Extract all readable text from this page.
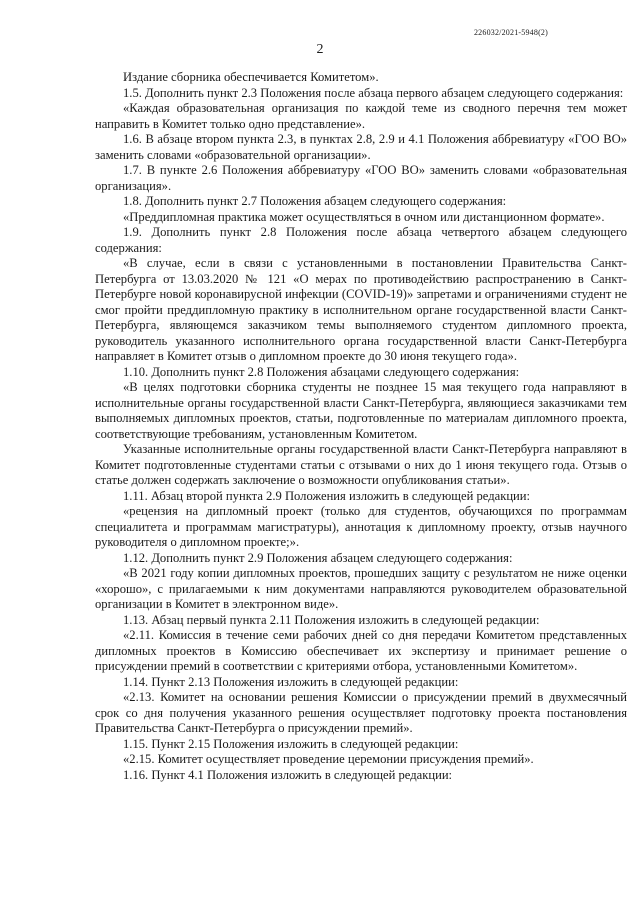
226032/2021-5948(2)
2

Издание сборника обеспечивается Комитетом».

1.5. Дополнить пункт 2.3 Положения после абзаца первого абзацем следующего содержания:

«Каждая образовательная организация по каждой теме из сводного перечня тем может направить в Комитет только одно представление».

1.6. В абзаце втором пункта 2.3, в пунктах 2.8, 2.9 и 4.1 Положения аббревиатуру «ГОО ВО» заменить словами «образовательной организации».

1.7. В пункте 2.6 Положения аббревиатуру «ГОО ВО» заменить словами «образовательная организация».

1.8. Дополнить пункт 2.7 Положения абзацем следующего содержания:

«Преддипломная практика может осуществляться в очном или дистанционном формате».

1.9. Дополнить пункт 2.8 Положения после абзаца четвертого абзацем следующего содержания:

«В случае, если в связи с установленными в постановлении Правительства Санкт-Петербурга от 13.03.2020 № 121 «О мерах по противодействию распространению в Санкт-Петербурге новой коронавирусной инфекции (COVID-19)» запретами и ограничениями студент не смог пройти преддипломную практику в исполнительном органе государственной власти Санкт-Петербурга, являющемся заказчиком темы выполняемого студентом дипломного проекта, руководитель указанного исполнительного органа государственной власти Санкт-Петербурга направляет в Комитет отзыв о дипломном проекте до 30 июня текущего года».

1.10. Дополнить пункт 2.8 Положения абзацами следующего содержания:

«В целях подготовки сборника студенты не позднее 15 мая текущего года направляют в исполнительные органы государственной власти Санкт-Петербурга, являющиеся заказчиками тем выполняемых дипломных проектов, статьи, подготовленные по материалам дипломного проекта, соответствующие требованиям, установленным Комитетом.

Указанные исполнительные органы государственной власти Санкт-Петербурга направляют в Комитет подготовленные студентами статьи с отзывами о них до 1 июня текущего года. Отзыв о статье должен содержать заключение о возможности опубликования статьи».

1.11. Абзац второй пункта 2.9 Положения изложить в следующей редакции:

«рецензия на дипломный проект (только для студентов, обучающихся по программам специалитета и программам магистратуры), аннотация к дипломному проекту, отзыв научного руководителя о дипломном проекте;».

1.12. Дополнить пункт 2.9 Положения абзацем следующего содержания:

«В 2021 году копии дипломных проектов, прошедших защиту с результатом не ниже оценки «хорошо», с прилагаемыми к ним документами направляются руководителем образовательной организации в Комитет в электронном виде».

1.13. Абзац первый пункта 2.11 Положения изложить в следующей редакции:

«2.11. Комиссия в течение семи рабочих дней со дня передачи Комитетом представленных дипломных проектов в Комиссию обеспечивает их экспертизу и принимает решение о присуждении премий в соответствии с критериями отбора, установленными Комитетом».

1.14. Пункт 2.13 Положения изложить в следующей редакции:

«2.13. Комитет на основании решения Комиссии о присуждении премий в двухмесячный срок со дня получения указанного решения осуществляет подготовку проекта постановления Правительства Санкт-Петербурга о присуждении премий».

1.15. Пункт 2.15 Положения изложить в следующей редакции:

«2.15. Комитет осуществляет проведение церемонии присуждения премий».

1.16. Пункт 4.1 Положения изложить в следующей редакции:
